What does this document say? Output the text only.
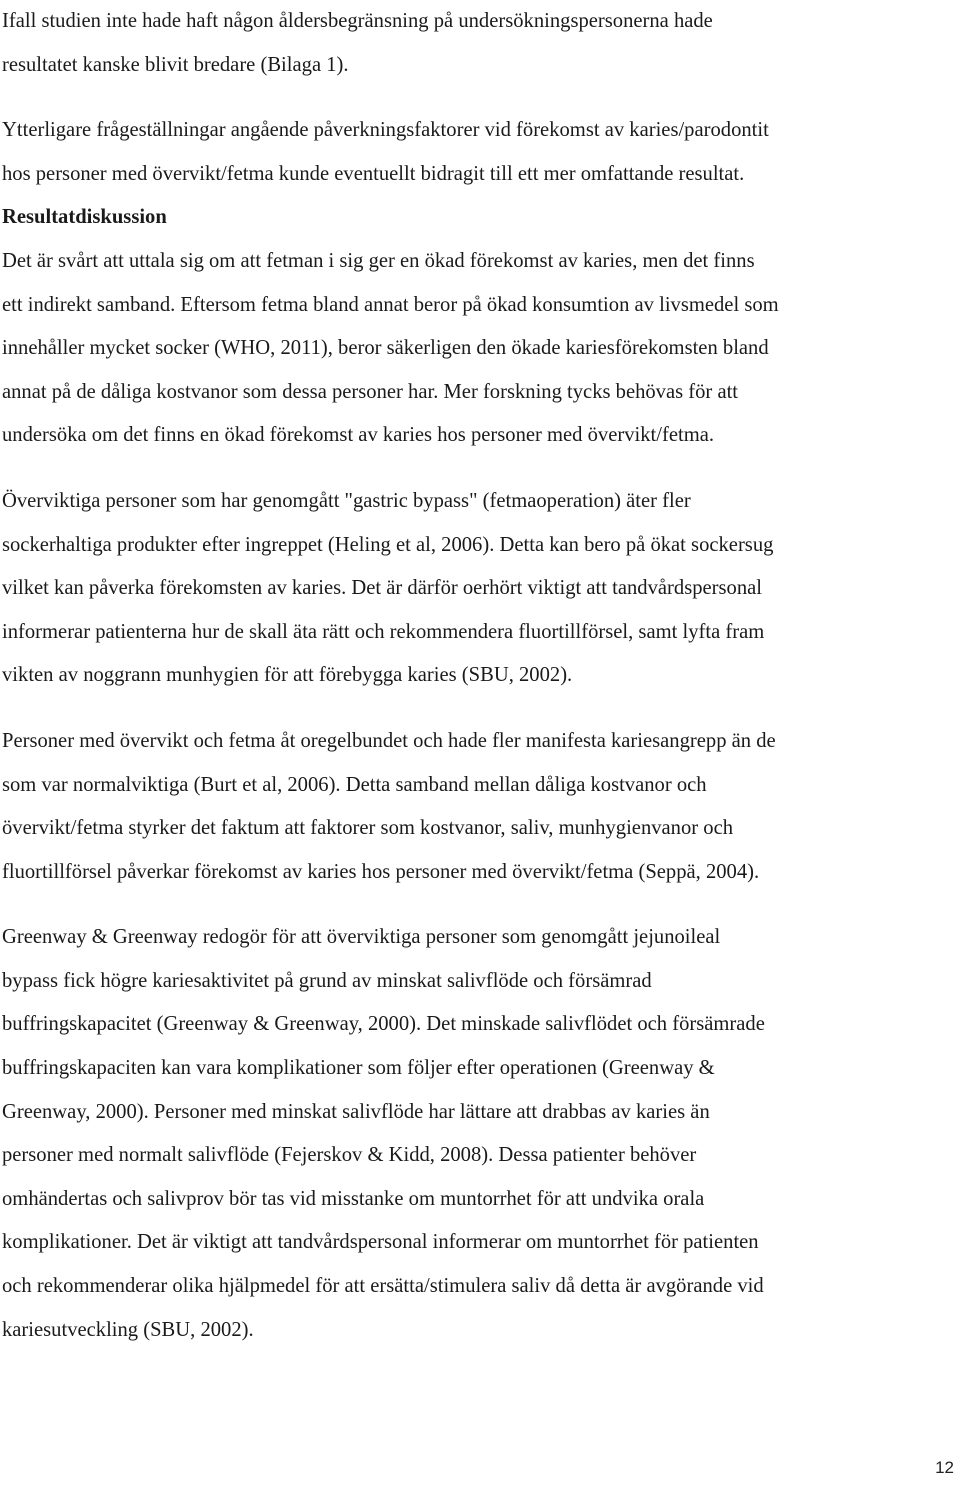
Ifall studien inte hade haft någon åldersbegränsning på undersökningspersonerna hade
resultatet kanske blivit bredare (Bilaga 1).

Ytterligare frågeställningar angående påverkningsfaktorer vid förekomst av karies/parodontit
hos personer med övervikt/fetma kunde eventuellt bidragit till ett mer omfattande resultat.

Resultatdiskussion

Det är svårt att uttala sig om att fetman i sig ger en ökad förekomst av karies, men det finns
ett indirekt samband. Eftersom fetma bland annat beror på ökad konsumtion av livsmedel som
innehåller mycket socker (WHO, 2011), beror säkerligen den ökade kariesförekomsten bland
annat på de dåliga kostvanor som dessa personer har. Mer forskning tycks behövas för att
undersöka om det finns en ökad förekomst av karies hos personer med övervikt/fetma.

Överviktiga personer som har genomgått "gastric bypass" (fetmaoperation) äter fler
sockerhaltiga produkter efter ingreppet (Heling et al, 2006). Detta kan bero på ökat sockersug
vilket kan påverka förekomsten av karies. Det är därför oerhört viktigt att tandvårdspersonal
informerar patienterna hur de skall äta rätt och rekommendera fluortillförsel, samt lyfta fram
vikten av noggrann munhygien för att förebygga karies (SBU, 2002).

Personer med övervikt och fetma åt oregelbundet och hade fler manifesta kariesangrepp än de
som var normalviktiga (Burt et al, 2006). Detta samband mellan dåliga kostvanor och
övervikt/fetma styrker det faktum att faktorer som kostvanor, saliv, munhygienvanor och
fluortillförsel påverkar förekomst av karies hos personer med övervikt/fetma (Seppä, 2004).

Greenway & Greenway redogör för att överviktiga personer som genomgått jejunoileal
bypass fick högre kariesaktivitet på grund av minskat salivflöde och försämrad
buffringskapacitet (Greenway & Greenway, 2000). Det minskade salivflödet och försämrade
buffringskapaciten kan vara komplikationer som följer efter operationen (Greenway &
Greenway, 2000). Personer med minskat salivflöde har lättare att drabbas av karies än
personer med normalt salivflöde (Fejerskov & Kidd, 2008). Dessa patienter behöver
omhändertas och salivprov bör tas vid misstanke om muntorrhet för att undvika orala
komplikationer. Det är viktigt att tandvårdspersonal informerar om muntorrhet för patienten
och rekommenderar olika hjälpmedel för att ersätta/stimulera saliv då detta är avgörande vid
kariesutveckling (SBU, 2002).

12
